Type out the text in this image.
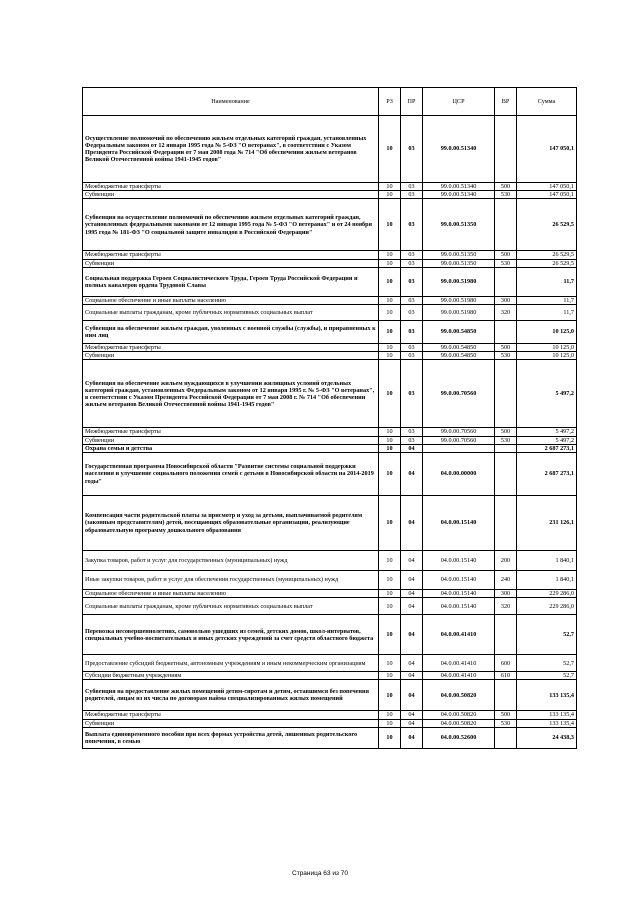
Наименование	РЗ	ПР	ЦСР	ВР	Сумма
Осуществление полномочий по обеспечению жильем отдельных категорий граждан, установленных Федеральным законом от 12 января 1995 года № 5-ФЗ "О ветеранах", в соответствии с Указом Президента Российской Федерации от 7 мая 2008 года № 714 "Об обеспечении жильем ветеранов Великой Отечественной войны 1941-1945 годов"	10	03	99.0.00.51340		147 050,1
Межбюджетные трансферты	10	03	99.0.00.51340	500	147 050,1
Субвенции	10	03	99.0.00.51340	530	147 050,1
Субвенция на осуществление полномочий по обеспечению жильем отдельных категорий граждан, установленных федеральными законами от 12 января 1995 года № 5-ФЗ "О ветеранах" и от 24 ноября 1995 года № 181-ФЗ "О социальной защите инвалидов в Российской Федерации"	10	03	99.0.00.51350		26 529,5
Межбюджетные трансферты	10	03	99.0.00.51350	500	26 529,5
Субвенции	10	03	99.0.00.51350	530	26 529,5
Социальная поддержка Героев Социалистического Труда, Героев Труда Российской Федерации и полных кавалеров ордена Трудовой Славы	10	03	99.0.00.51980		11,7
Социальное обеспечение и иные выплаты населению	10	03	99.0.00.51980	300	11,7
Социальные выплаты гражданам, кроме публичных нормативных социальных выплат	10	03	99.0.00.51980	320	11,7
Субвенция на обеспечение жильем граждан, уволенных с военной службы (службы), и приравненных к ним лиц	10	03	99.0.00.54850		10 125,0
Межбюджетные трансферты	10	03	99.0.00.54850	500	10 125,0
Субвенции	10	03	99.0.00.54850	530	10 125,0
Субвенция на обеспечение жильем нуждающихся в улучшении жилищных условий отдельных категорий граждан, установленных Федеральным законом от 12 января 1995 г. № 5-ФЗ "О ветеранах", в соответствии с Указом Президента Российской Федерации от 7 мая 2008 г. № 714 "Об обеспечении жильем ветеранов Великой Отечественной войны 1941-1945 годов"	10	03	99.0.00.70560		5 497,2
Межбюджетные трансферты	10	03	99.0.00.70560	500	5 497,2
Субвенции	10	03	99.0.00.70560	530	5 497,2
Охрана семьи и детства	10	04			2 687 273,1
Государственная программа Новосибирской области "Развитие системы социальной поддержки населения и улучшение социального положения семей с детьми в Новосибирской области на 2014-2019 годы"	10	04	04.0.00.00000		2 687 273,1
Компенсация части родительской платы за присмотр и уход за детьми, выплачиваемой родителям (законным представителям) детей, посещающих образовательные организации, реализующие образовательную программу дошкольного образования	10	04	04.0.00.15140		231 126,1
Закупка товаров, работ и услуг для государственных (муниципальных) нужд	10	04	04.0.00.15140	200	1 840,1
Иные закупки товаров, работ и услуг для обеспечения государственных (муниципальных) нужд	10	04	04.0.00.15140	240	1 840,1
Социальное обеспечение и иные выплаты населению	10	04	04.0.00.15140	300	229 286,0
Социальные выплаты гражданам, кроме публичных нормативных социальных выплат	10	04	04.0.00.15140	320	229 286,0
Перевозка несовершеннолетних, самовольно ушедших из семей, детских домов, школ-интернатов, специальных учебно-воспитательных и иных детских учреждений за счет средств областного бюджета	10	04	04.0.00.41410		52,7
Предоставление субсидий бюджетным, автономным учреждениям и иным некоммерческим организациям	10	04	04.0.00.41410	600	52,7
Субсидии бюджетным учреждениям	10	04	04.0.00.41410	610	52,7
Субвенция на предоставление жилых помещений детям-сиротам и детям, оставшимся без попечения родителей, лицам из их числа по договорам найма специализированных жилых помещений	10	04	04.0.00.50820		133 135,4
Межбюджетные трансферты	10	04	04.0.00.50820	500	133 135,4
Субвенции	10	04	04.0.00.50820	530	133 135,4
Выплата единовременного пособия при всех формах устройства детей, лишенных родительского попечения, в семью	10	04	04.0.00.52600		24 438,3
Страница 63 из 70
